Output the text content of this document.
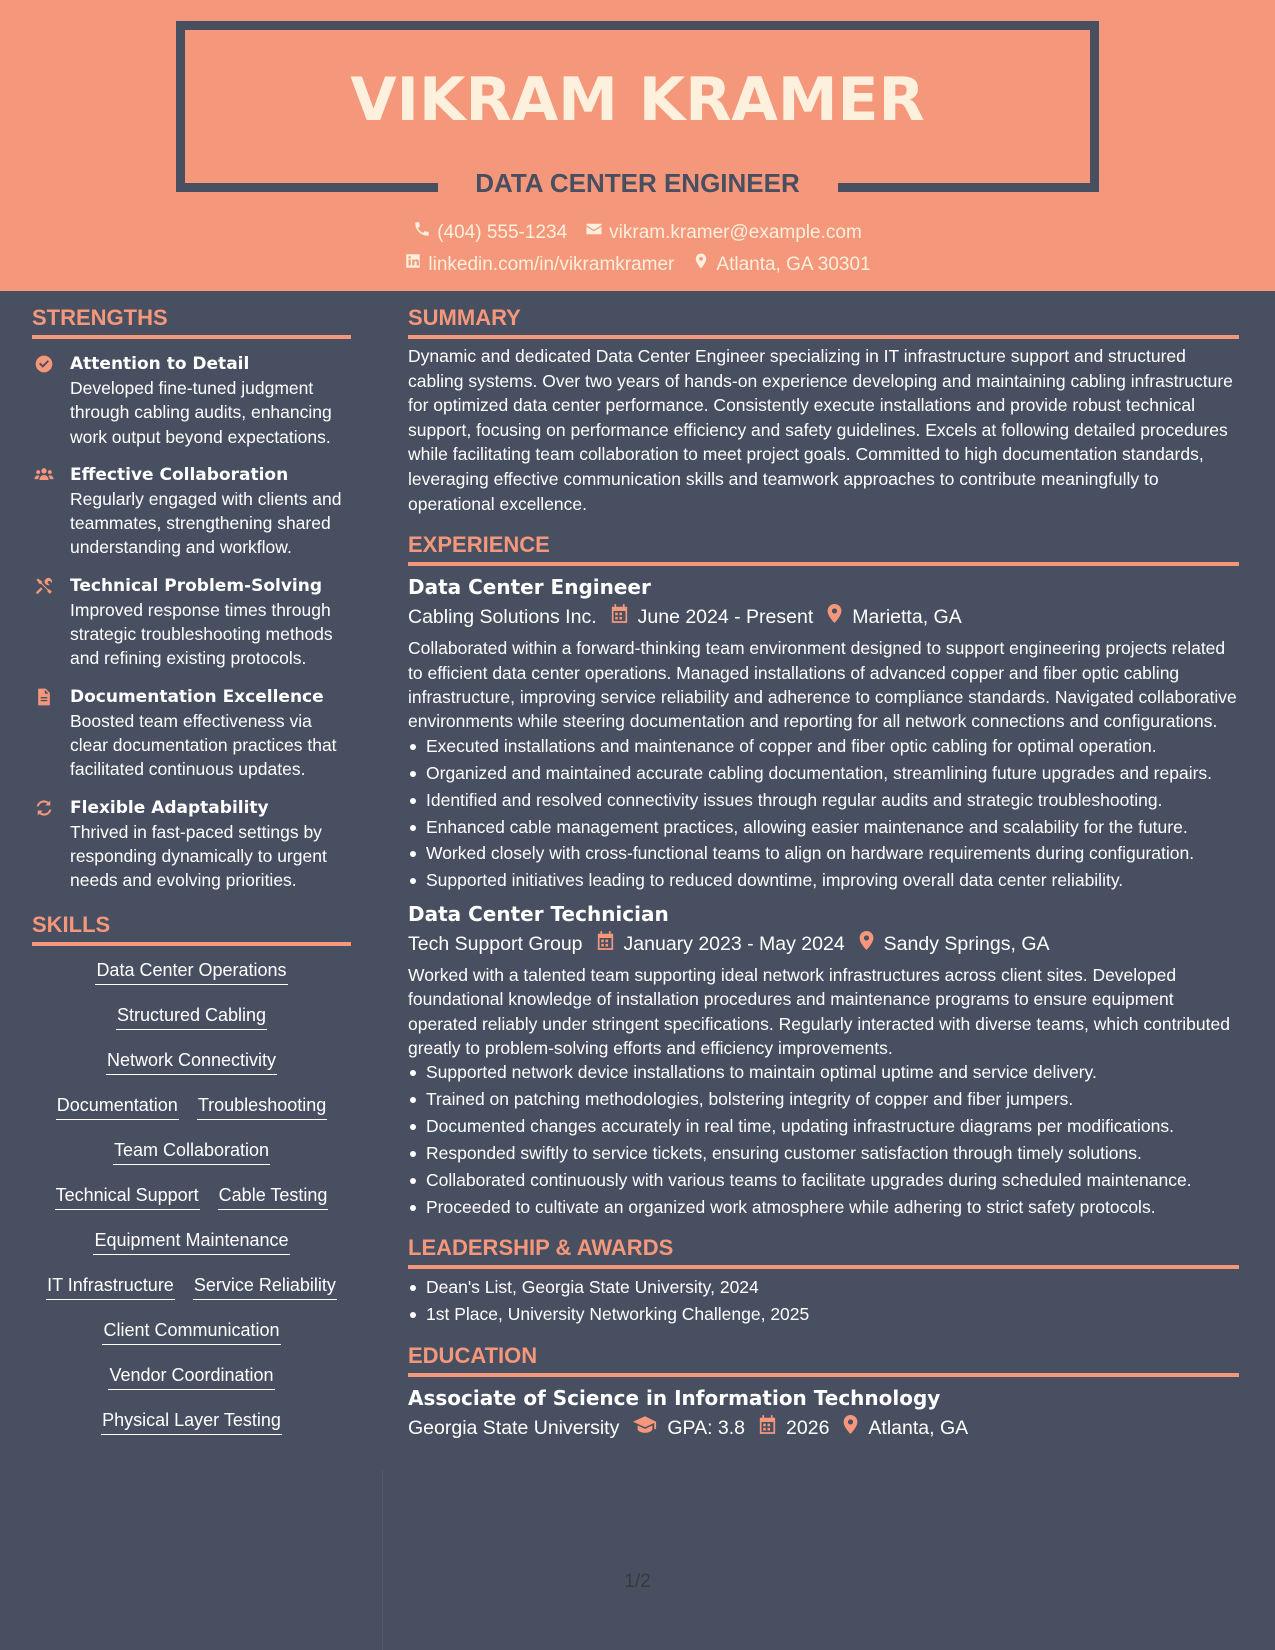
VIKRAM KRAMER
DATA CENTER ENGINEER
(404) 555-1234 vikram.kramer@example.com
linkedin.com/in/vikramkramer Atlanta, GA 30301
STRENGTHS
Attention to Detail
Developed fine-tuned judgment through cabling audits, enhancing work output beyond expectations.
Effective Collaboration
Regularly engaged with clients and teammates, strengthening shared understanding and workflow.
Technical Problem-Solving
Improved response times through strategic troubleshooting methods and refining existing protocols.
Documentation Excellence
Boosted team effectiveness via clear documentation practices that facilitated continuous updates.
Flexible Adaptability
Thrived in fast-paced settings by responding dynamically to urgent needs and evolving priorities.
SKILLS
Data Center Operations
Structured Cabling
Network Connectivity
Documentation Troubleshooting
Team Collaboration
Technical Support Cable Testing
Equipment Maintenance
IT Infrastructure Service Reliability
Client Communication
Vendor Coordination
Physical Layer Testing
SUMMARY
Dynamic and dedicated Data Center Engineer specializing in IT infrastructure support and structured cabling systems. Over two years of hands-on experience developing and maintaining cabling infrastructure for optimized data center performance. Consistently execute installations and provide robust technical support, focusing on performance efficiency and safety guidelines. Excels at following detailed procedures while facilitating team collaboration to meet project goals. Committed to high documentation standards, leveraging effective communication skills and teamwork approaches to contribute meaningfully to operational excellence.
EXPERIENCE
Data Center Engineer
Cabling Solutions Inc. June 2024 - Present Marietta, GA
Collaborated within a forward-thinking team environment designed to support engineering projects related to efficient data center operations. Managed installations of advanced copper and fiber optic cabling infrastructure, improving service reliability and adherence to compliance standards. Navigated collaborative environments while steering documentation and reporting for all network connections and configurations.
Executed installations and maintenance of copper and fiber optic cabling for optimal operation.
Organized and maintained accurate cabling documentation, streamlining future upgrades and repairs.
Identified and resolved connectivity issues through regular audits and strategic troubleshooting.
Enhanced cable management practices, allowing easier maintenance and scalability for the future.
Worked closely with cross-functional teams to align on hardware requirements during configuration.
Supported initiatives leading to reduced downtime, improving overall data center reliability.
Data Center Technician
Tech Support Group January 2023 - May 2024 Sandy Springs, GA
Worked with a talented team supporting ideal network infrastructures across client sites. Developed foundational knowledge of installation procedures and maintenance programs to ensure equipment operated reliably under stringent specifications. Regularly interacted with diverse teams, which contributed greatly to problem-solving efforts and efficiency improvements.
Supported network device installations to maintain optimal uptime and service delivery.
Trained on patching methodologies, bolstering integrity of copper and fiber jumpers.
Documented changes accurately in real time, updating infrastructure diagrams per modifications.
Responded swiftly to service tickets, ensuring customer satisfaction through timely solutions.
Collaborated continuously with various teams to facilitate upgrades during scheduled maintenance.
Proceeded to cultivate an organized work atmosphere while adhering to strict safety protocols.
LEADERSHIP & AWARDS
Dean's List, Georgia State University, 2024
1st Place, University Networking Challenge, 2025
EDUCATION
Associate of Science in Information Technology
Georgia State University GPA: 3.8 2026 Atlanta, GA
1/2
